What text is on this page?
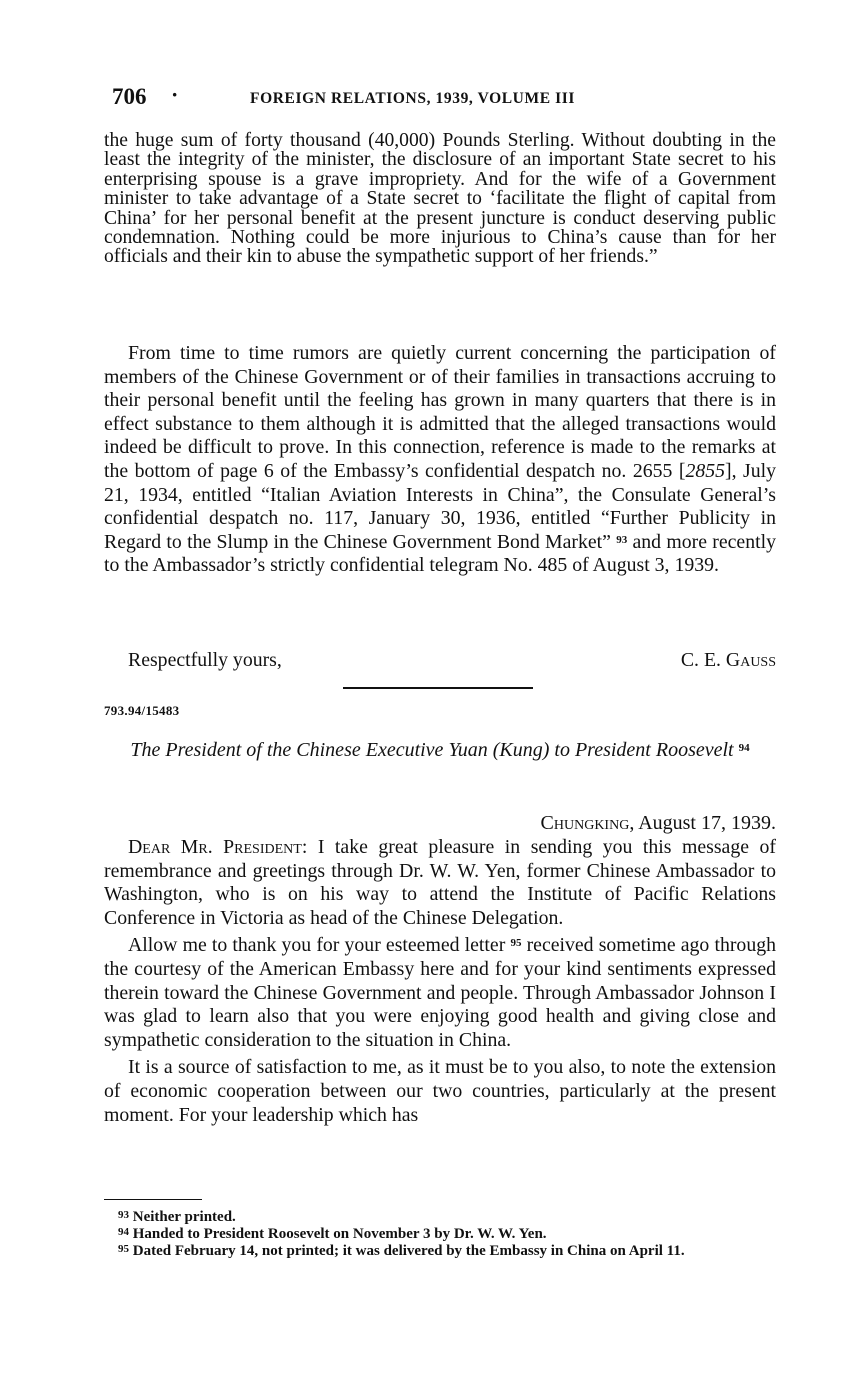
706 ·	FOREIGN RELATIONS, 1939, VOLUME III

the huge sum of forty thousand (40,000) Pounds Sterling. Without doubting in the least the integrity of the minister, the disclosure of an important State secret to his enterprising spouse is a grave impropriety. And for the wife of a Government minister to take advantage of a State secret to ‘facilitate the flight of capital from China’ for her personal benefit at the present juncture is conduct deserving public condemnation. Nothing could be more injurious to China’s cause than for her officials and their kin to abuse the sympathetic support of her friends.”

From time to time rumors are quietly current concerning the participation of members of the Chinese Government or of their families in transactions accruing to their personal benefit until the feeling has grown in many quarters that there is in effect substance to them although it is admitted that the alleged transactions would indeed be difficult to prove. In this connection, reference is made to the remarks at the bottom of page 6 of the Embassy’s confidential despatch no. 2655 [2855], July 21, 1934, entitled “Italian Aviation Interests in China”, the Consulate General’s confidential despatch no. 117, January 30, 1936, entitled “Further Publicity in Regard to the Slump in the Chinese Government Bond Market” $^{93}$ and more recently to the Ambassador’s strictly confidential telegram No. 485 of August 3, 1939.

Respectfully yours,	C. E. Gauss
793.94/15483
The President of the Chinese Executive Yuan (Kung) to President Roosevelt $^{94}$
Chungking, August 17, 1939.

Dear Mr. President: I take great pleasure in sending you this message of remembrance and greetings through Dr. W. W. Yen, former Chinese Ambassador to Washington, who is on his way to attend the Institute of Pacific Relations Conference in Victoria as head of the Chinese Delegation.

Allow me to thank you for your esteemed letter $^{95}$ received sometime ago through the courtesy of the American Embassy here and for your kind sentiments expressed therein toward the Chinese Government and people. Through Ambassador Johnson I was glad to learn also that you were enjoying good health and giving close and sympathetic consideration to the situation in China.

It is a source of satisfaction to me, as it must be to you also, to note the extension of economic cooperation between our two countries, particularly at the present moment. For your leadership which has

$^{93}$ Neither printed.

$^{94}$ Handed to President Roosevelt on November 3 by Dr. W. W. Yen.

$^{95}$ Dated February 14, not printed; it was delivered by the Embassy in China on April 11.
